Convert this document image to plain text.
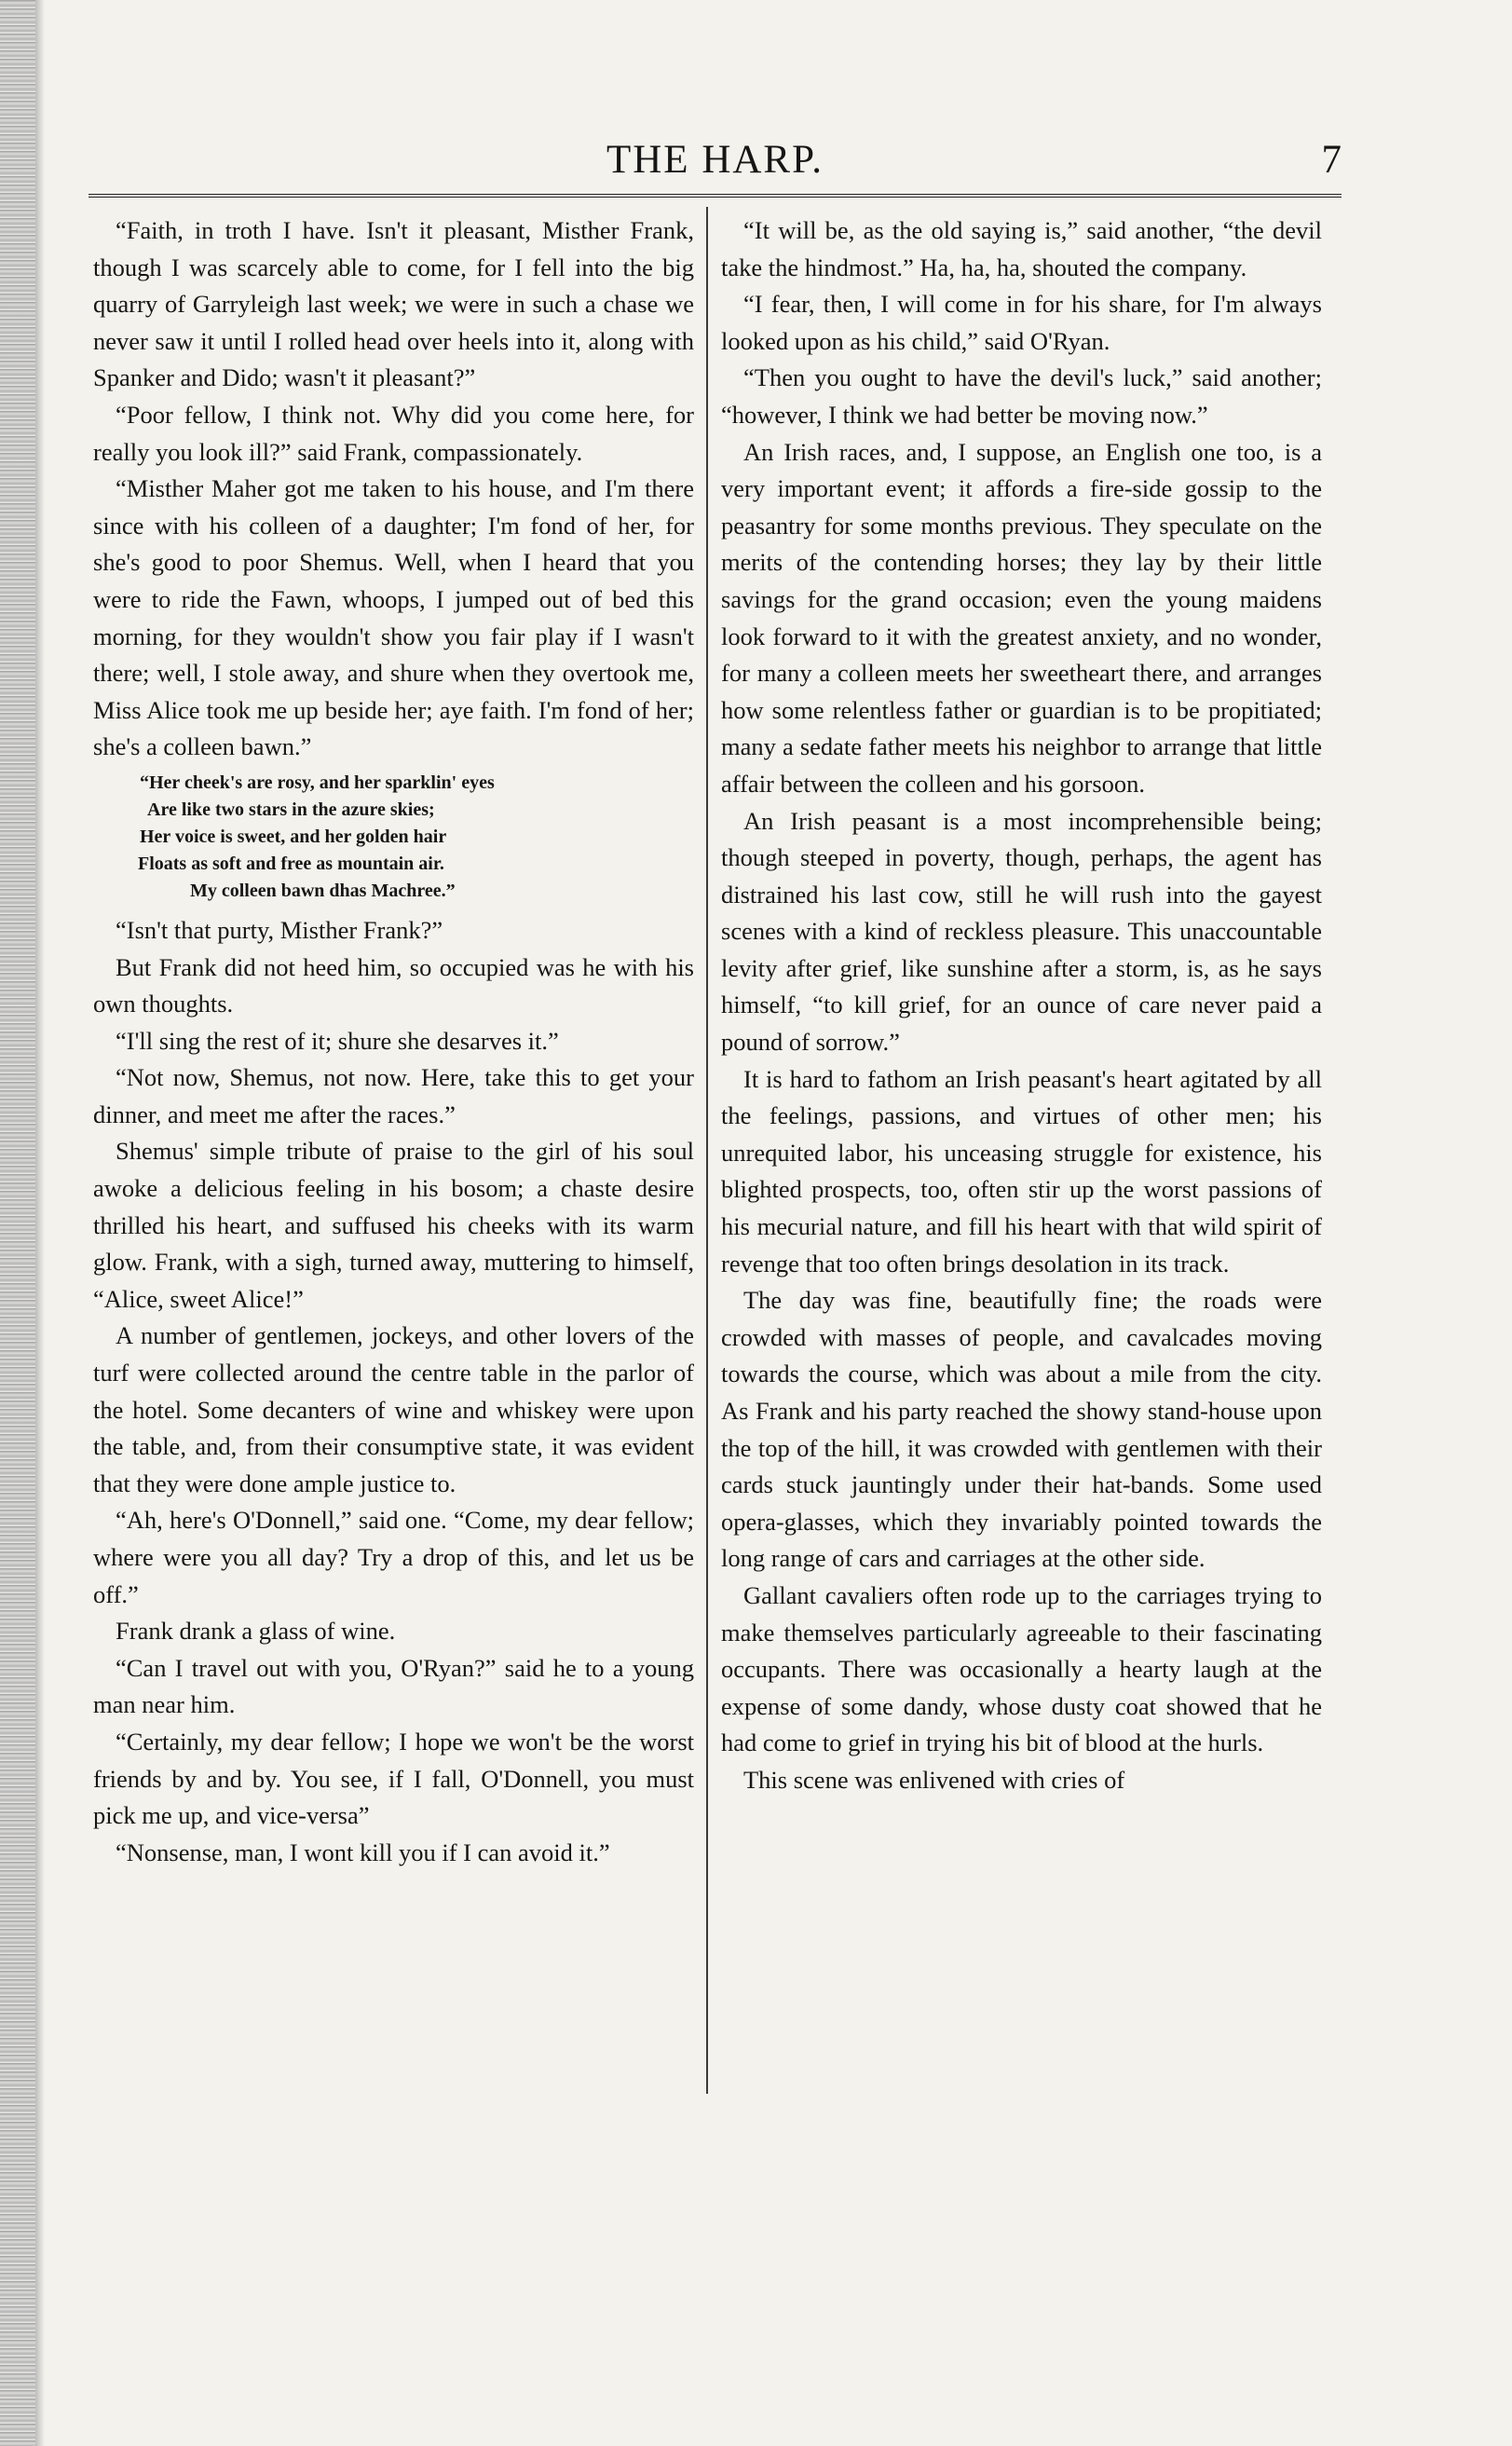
THE HARP.	7

“Faith, in troth I have. Isn't it pleasant, Misther Frank, though I was scarcely able to come, for I fell into the big quarry of Garryleigh last week; we were in such a chase we never saw it until I rolled head over heels into it, along with Spanker and Dido; wasn't it pleasant?”

“Poor fellow, I think not. Why did you come here, for really you look ill?” said Frank, compassionately.

“Misther Maher got me taken to his house, and I'm there since with his colleen of a daughter; I'm fond of her, for she's good to poor Shemus. Well, when I heard that you were to ride the Fawn, whoops, I jumped out of bed this morning, for they wouldn't show you fair play if I wasn't there; well, I stole away, and shure when they overtook me, Miss Alice took me up beside her; aye faith. I'm fond of her; she's a colleen bawn.”

“Her cheek's are rosy, and her sparklin' eyes
Are like two stars in the azure skies;
Her voice is sweet, and her golden hair
Floats as soft and free as mountain air.
My colleen bawn dhas Machree.”

“Isn't that purty, Misther Frank?”

But Frank did not heed him, so occupied was he with his own thoughts.

“I'll sing the rest of it; shure she desarves it.”

“Not now, Shemus, not now. Here, take this to get your dinner, and meet me after the races.”

Shemus' simple tribute of praise to the girl of his soul awoke a delicious feeling in his bosom; a chaste desire thrilled his heart, and suffused his cheeks with its warm glow. Frank, with a sigh, turned away, muttering to himself, “Alice, sweet Alice!”

A number of gentlemen, jockeys, and other lovers of the turf were collected around the centre table in the parlor of the hotel. Some decanters of wine and whiskey were upon the table, and, from their consumptive state, it was evident that they were done ample justice to.

“Ah, here's O'Donnell,” said one. “Come, my dear fellow; where were you all day? Try a drop of this, and let us be off.”

Frank drank a glass of wine.

“Can I travel out with you, O'Ryan?” said he to a young man near him.

“Certainly, my dear fellow; I hope we won't be the worst friends by and by. You see, if I fall, O'Donnell, you must pick me up, and vice-versa”

“Nonsense, man, I wont kill you if I can avoid it.”

“It will be, as the old saying is,” said another, “the devil take the hindmost.” Ha, ha, ha, shouted the company.

“I fear, then, I will come in for his share, for I'm always looked upon as his child,” said O'Ryan.

“Then you ought to have the devil's luck,” said another; “however, I think we had better be moving now.”

An Irish races, and, I suppose, an English one too, is a very important event; it affords a fire-side gossip to the peasantry for some months previous. They speculate on the merits of the contending horses; they lay by their little savings for the grand occasion; even the young maidens look forward to it with the greatest anxiety, and no wonder, for many a colleen meets her sweetheart there, and arranges how some relentless father or guardian is to be propitiated; many a sedate father meets his neighbor to arrange that little affair between the colleen and his gorsoon.

An Irish peasant is a most incomprehensible being; though steeped in poverty, though, perhaps, the agent has distrained his last cow, still he will rush into the gayest scenes with a kind of reckless pleasure. This unaccountable levity after grief, like sunshine after a storm, is, as he says himself, “to kill grief, for an ounce of care never paid a pound of sorrow.”

It is hard to fathom an Irish peasant's heart agitated by all the feelings, passions, and virtues of other men; his unrequited labor, his unceasing struggle for existence, his blighted prospects, too, often stir up the worst passions of his mecurial nature, and fill his heart with that wild spirit of revenge that too often brings desolation in its track.

The day was fine, beautifully fine; the roads were crowded with masses of people, and cavalcades moving towards the course, which was about a mile from the city. As Frank and his party reached the showy stand-house upon the top of the hill, it was crowded with gentlemen with their cards stuck jauntingly under their hat-bands. Some used opera-glasses, which they invariably pointed towards the long range of cars and carriages at the other side.

Gallant cavaliers often rode up to the carriages trying to make themselves particularly agreeable to their fascinating occupants. There was occasionally a hearty laugh at the expense of some dandy, whose dusty coat showed that he had come to grief in trying his bit of blood at the hurls.

This scene was enlivened with cries of
